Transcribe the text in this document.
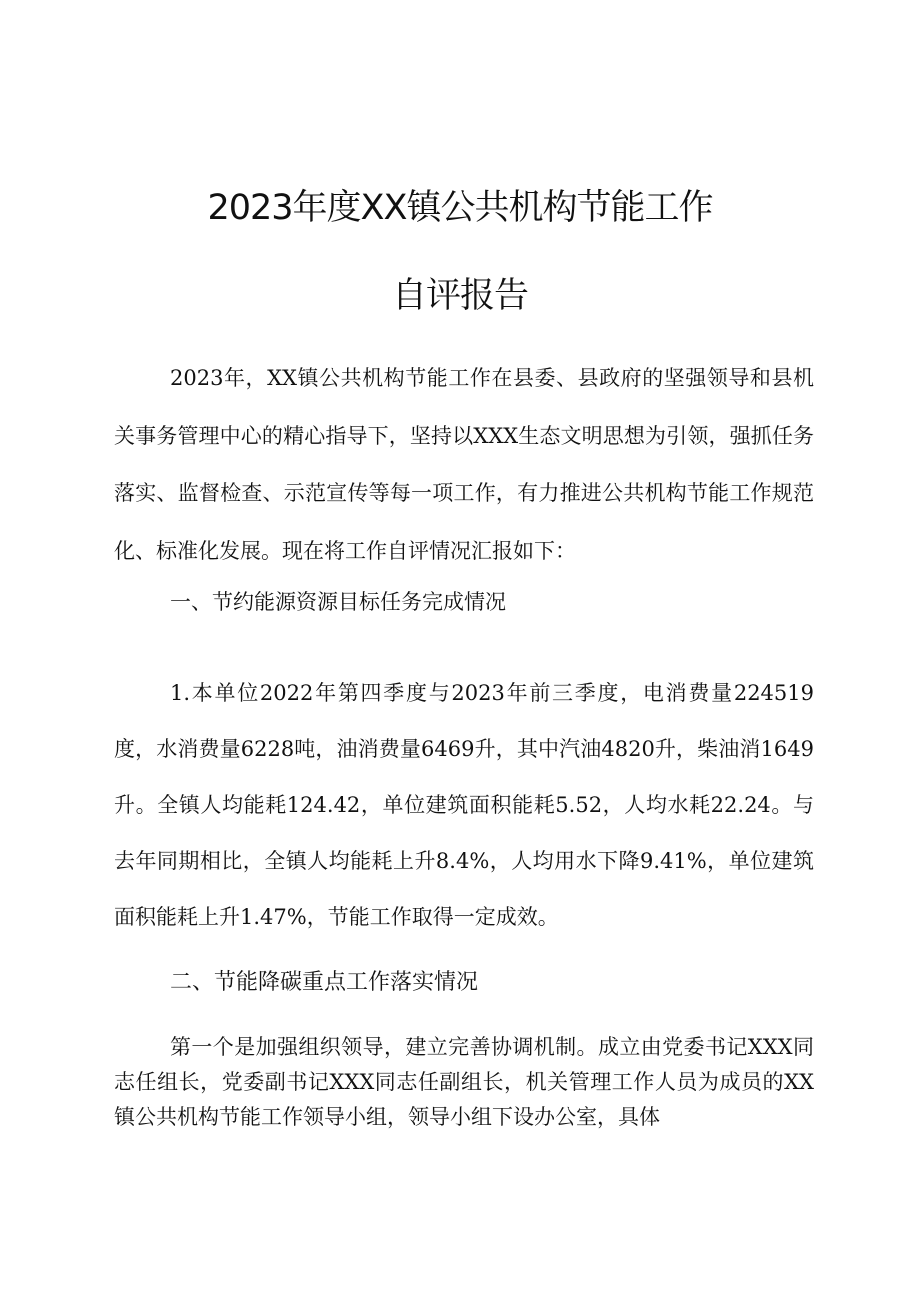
2023年度XX镇公共机构节能工作
自评报告

2023年，XX镇公共机构节能工作在县委、县政府的坚强领导和县机关事务管理中心的精心指导下，坚持以XXX生态文明思想为引领，强抓任务落实、监督检查、示范宣传等每一项工作，有力推进公共机构节能工作规范化、标准化发展。现在将工作自评情况汇报如下：

一、节约能源资源目标任务完成情况

1.本单位2022年第四季度与2023年前三季度，电消费量224519度，水消费量6228吨，油消费量6469升，其中汽油4820升，柴油消1649升。全镇人均能耗124.42，单位建筑面积能耗5.52，人均水耗22.24。与去年同期相比，全镇人均能耗上升8.4%，人均用水下降9.41%，单位建筑面积能耗上升1.47%，节能工作取得一定成效。

二、节能降碳重点工作落实情况

第一个是加强组织领导，建立完善协调机制。成立由党委书记XXX同志任组长，党委副书记XXX同志任副组长，机关管理工作人员为成员的XX镇公共机构节能工作领导小组，领导小组下设办公室，具体
